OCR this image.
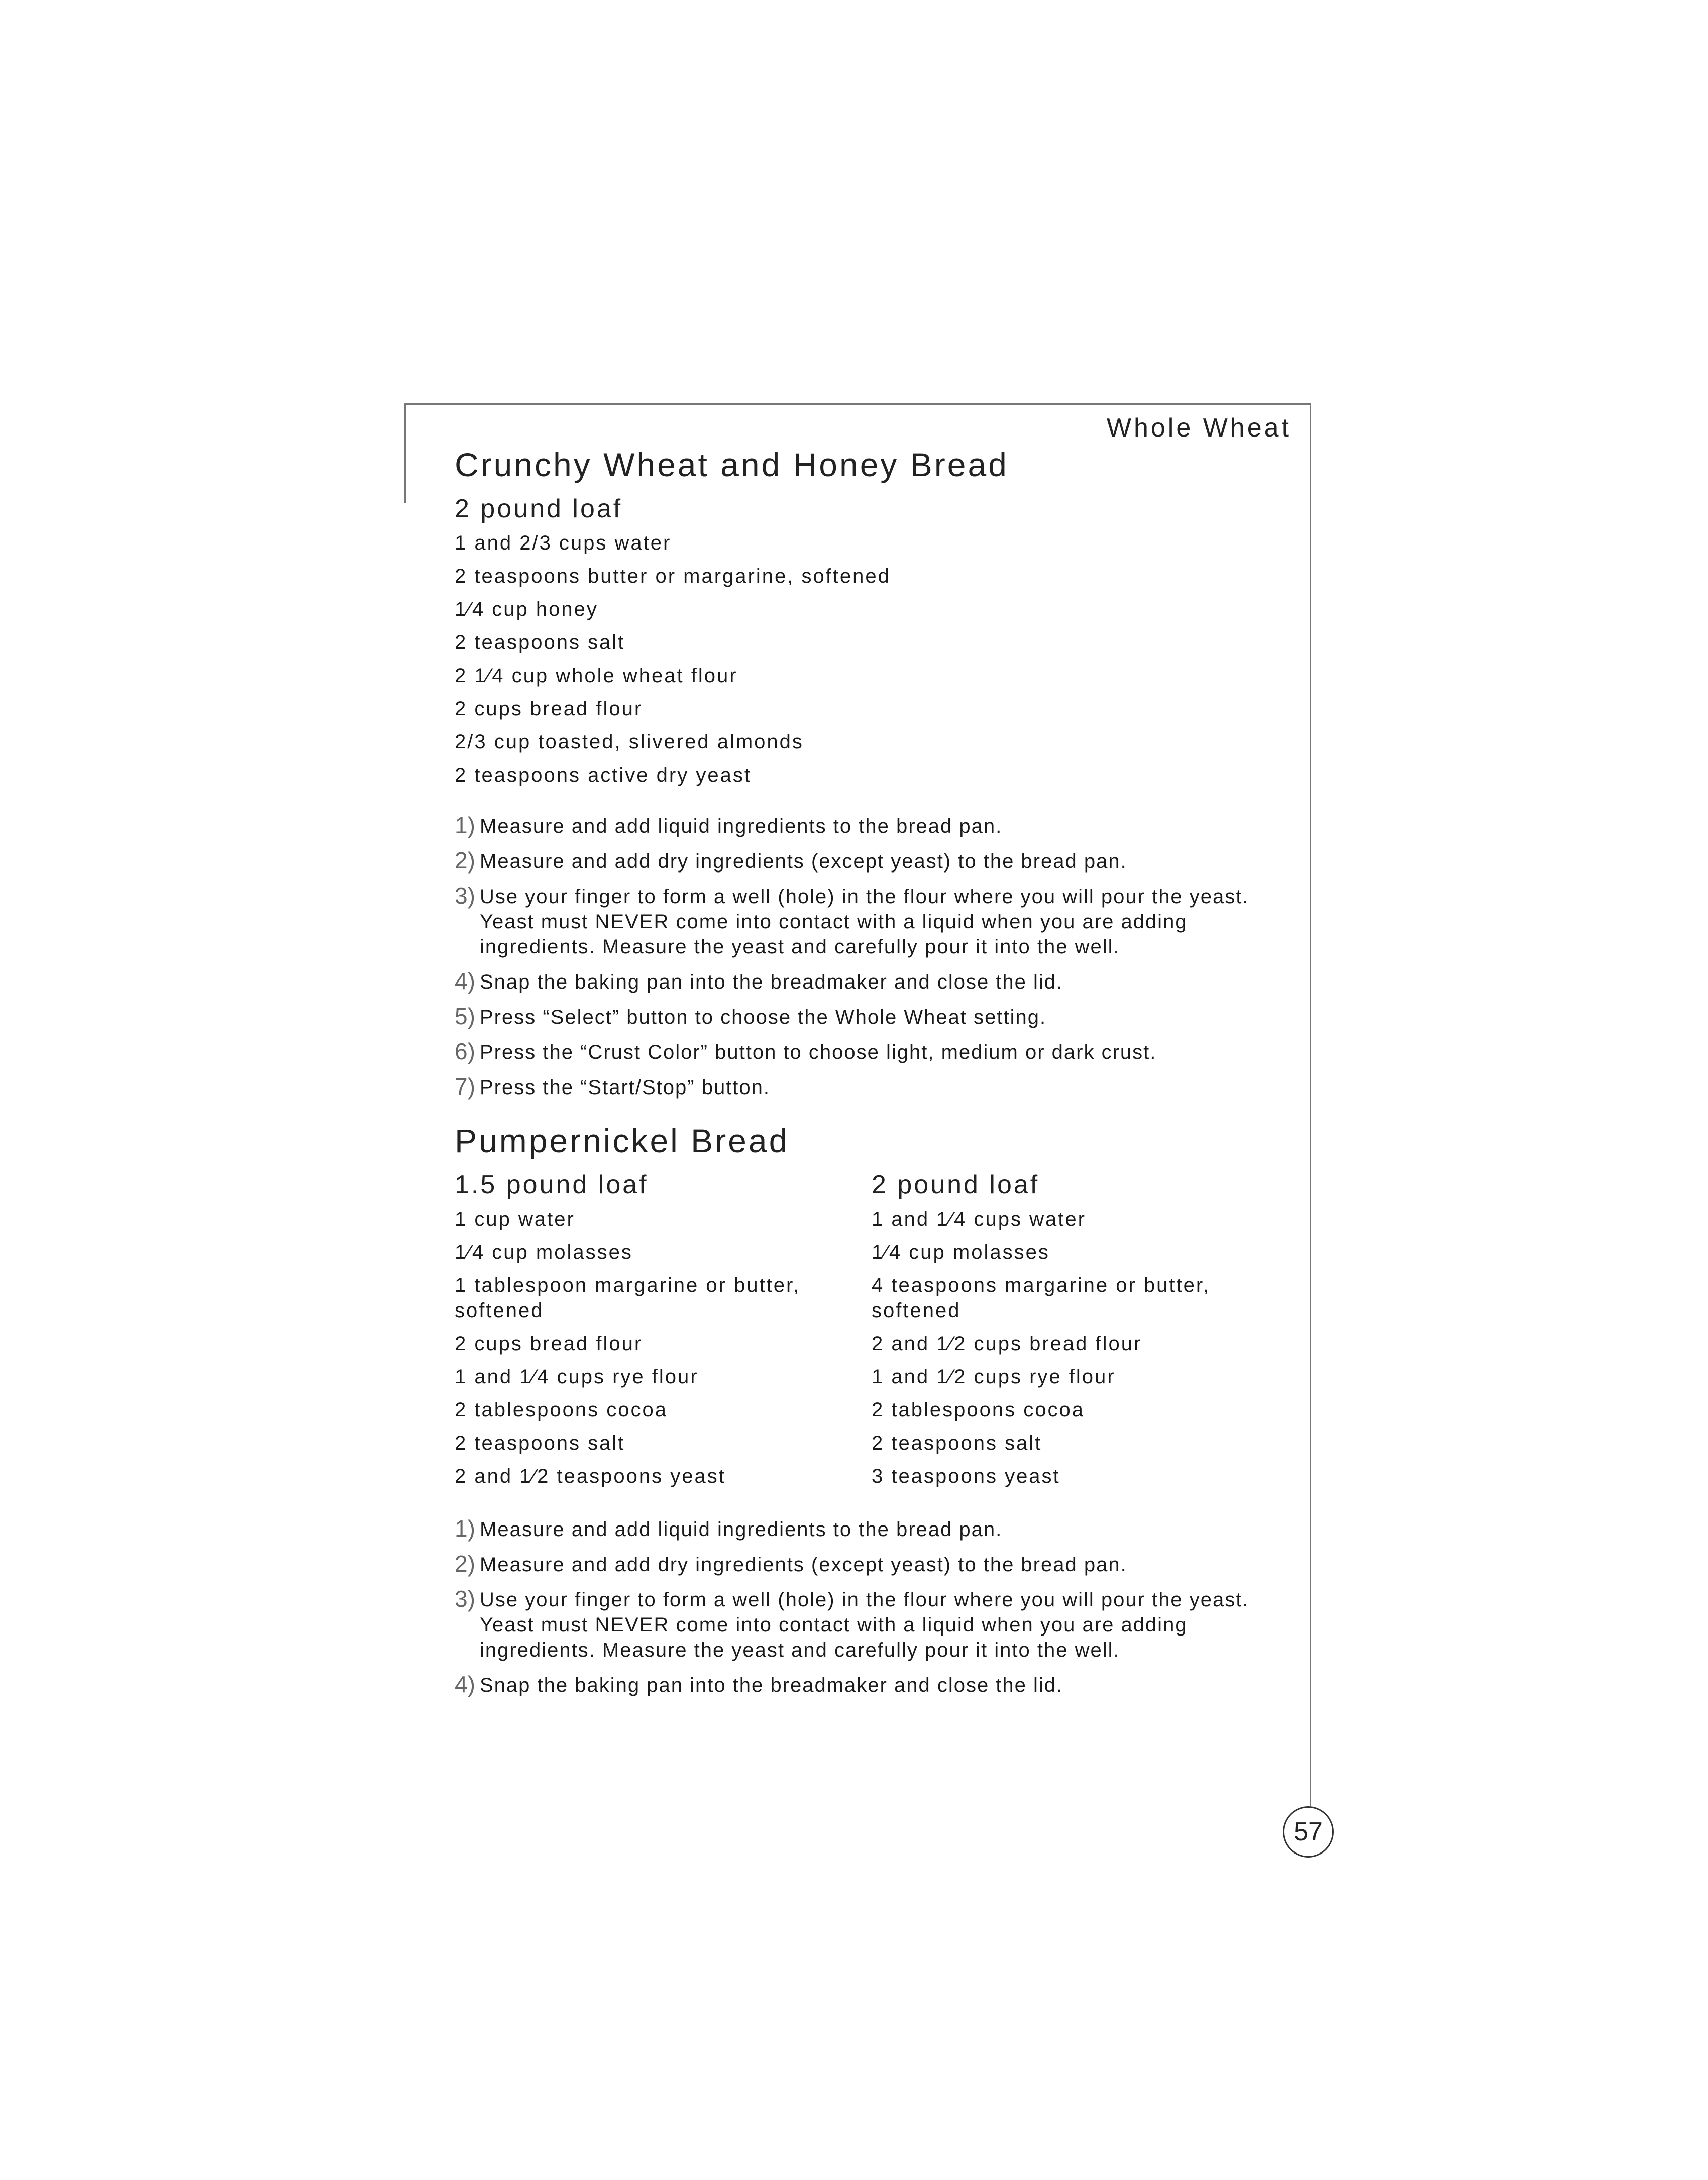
Whole Wheat
Crunchy Wheat and Honey Bread
2 pound loaf
1 and 2/3 cups water
2 teaspoons butter or margarine, softened
1⁄4 cup honey
2 teaspoons salt
2 1⁄4 cup whole wheat flour
2 cups bread flour
2/3 cup toasted, slivered almonds
2 teaspoons active dry yeast
1) Measure and add liquid ingredients to the bread pan.
2) Measure and add dry ingredients (except yeast) to the bread pan.
3) Use your finger to form a well (hole) in the flour where you will pour the yeast. Yeast must NEVER come into contact with a liquid when you are adding ingredients. Measure the yeast and carefully pour it into the well.
4) Snap the baking pan into the breadmaker and close the lid.
5) Press “Select” button to choose the Whole Wheat setting.
6) Press the “Crust Color” button to choose light, medium or dark crust.
7) Press the “Start/Stop” button.
Pumpernickel Bread
1.5 pound loaf
1 cup water
1⁄4 cup molasses
1 tablespoon margarine or butter, softened
2 cups bread flour
1 and 1⁄4 cups rye flour
2 tablespoons cocoa
2 teaspoons salt
2 and 1⁄2 teaspoons yeast
2 pound loaf
1 and 1⁄4 cups water
1⁄4 cup molasses
4 teaspoons margarine or butter, softened
2 and 1⁄2 cups bread flour
1 and 1⁄2 cups rye flour
2 tablespoons cocoa
2 teaspoons salt
3 teaspoons yeast
1) Measure and add liquid ingredients to the bread pan.
2) Measure and add dry ingredients (except yeast) to the bread pan.
3) Use your finger to form a well (hole) in the flour where you will pour the yeast. Yeast must NEVER come into contact with a liquid when you are adding ingredients. Measure the yeast and carefully pour it into the well.
4) Snap the baking pan into the breadmaker and close the lid.
57
